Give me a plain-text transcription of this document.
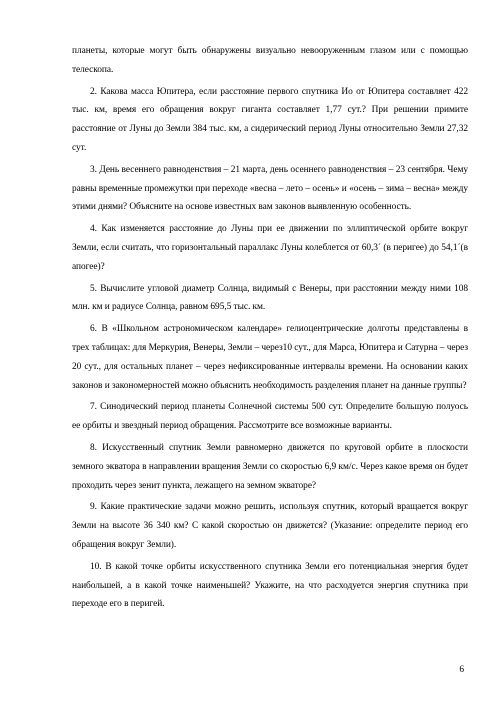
планеты, которые могут быть обнаружены визуально невооруженным глазом или с помощью телескопа.

2. Какова масса Юпитера, если расстояние первого спутника Ио от Юпитера составляет 422 тыс. км, время его обращения вокруг гиганта составляет 1,77 сут.? При решении примите расстояние от Луны до Земли 384 тыс. км, а сидерический период Луны относительно Земли 27,32 сут.

3. День весеннего равноденствия – 21 марта, день осеннего равноденствия – 23 сентября. Чему равны временные промежутки при переходе «весна – лето – осень» и «осень – зима – весна» между этими днями? Объясните на основе известных вам законов выявленную особенность.

4. Как изменяется расстояние до Луны при ее движении по эллиптической орбите вокруг Земли, если считать, что горизонтальный параллакс Луны колеблется от 60,3´ (в перигее) до 54,1´(в апогее)?

5. Вычислите угловой диаметр Солнца, видимый с Венеры, при расстоянии между ними 108 млн. км и радиусе Солнца, равном 695,5 тыс. км.

6. В «Школьном астрономическом календаре» гелиоцентрические долготы представлены в трех таблицах: для Меркурия, Венеры, Земли – через10 сут., для Марса, Юпитера и Сатурна – через 20 сут., для остальных планет – через нефиксированные интервалы времени. На основании каких законов и закономерностей можно объяснить необходимость разделения планет на данные группы?

7. Синодический период планеты Солнечной системы 500 сут. Определите большую полуось ее орбиты и звездный период обращения. Рассмотрите все возможные варианты.

8. Искусственный спутник Земли равномерно движется по круговой орбите в плоскости земного экватора в направлении вращения Земли со скоростью 6,9 км/с. Через какое время он будет проходить через зенит пункта, лежащего на земном экваторе?

9. Какие практические задачи можно решить, используя спутник, который вращается вокруг Земли на высоте 36 340 км? С какой скоростью он движется? (Указание: определите период его обращения вокруг Земли).

10. В какой точке орбиты искусственного спутника Земли его потенциальная энергия будет наибольшей, а в какой точке наименьшей? Укажите, на что расходуется энергия спутника при переходе его в перигей.

6
